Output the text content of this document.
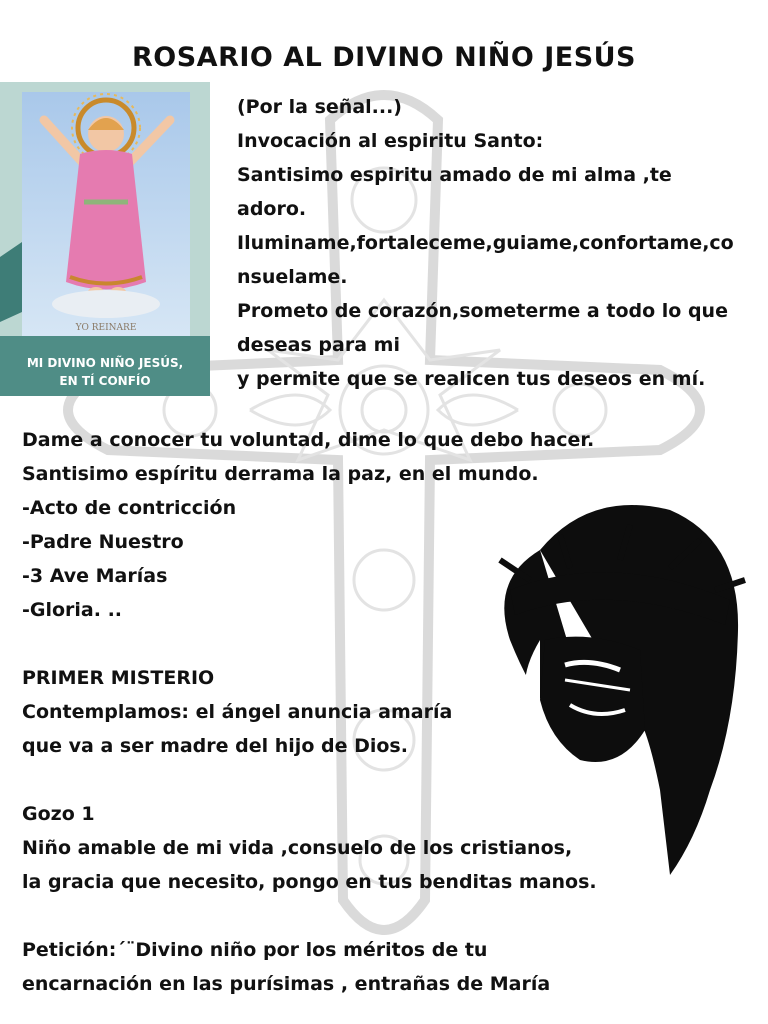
ROSARIO AL DIVINO NIÑO JESÚS
YO REINARE
MI DIVINO NIÑO JESÚS,
EN TÍ CONFÍO
(Por la señal...)
Invocación al espiritu Santo:
Santisimo espiritu amado de mi alma ,te
adoro.
Iluminame,fortaleceme,guiame,confortame,co
nsuelame.
Prometo de corazón,someterme a todo lo que
deseas para mi
y permite que se realicen tus deseos en mí.
Dame a conocer tu voluntad, dime lo que debo hacer.
Santisimo espíritu derrama la paz, en el mundo.
-Acto de contricción
-Padre Nuestro
-3 Ave Marías
-Gloria. ..

PRIMER MISTERIO
Contemplamos: el ángel anuncia amaría
que va a ser madre del hijo de Dios.

Gozo 1
Niño amable de mi vida ,consuelo de los cristianos,
la gracia que necesito, pongo en tus benditas manos.

Petición:´¨Divino niño por los méritos de tu
encarnación en las purísimas , entrañas de María
